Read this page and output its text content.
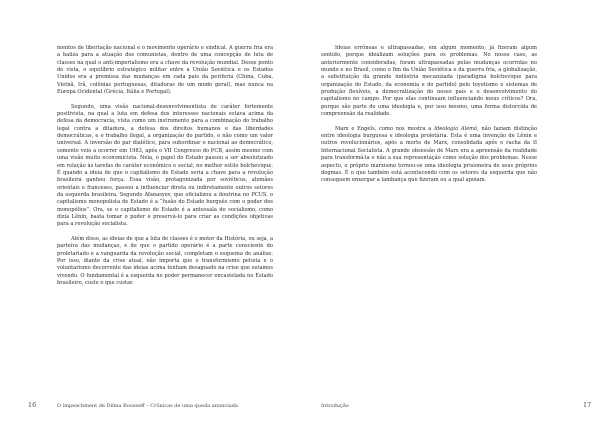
mentos de libertação nacional e o movimento operário e sindical. A guerra fria era a baliza para a atuação dos comunistas, dentro de uma concepção de luta de classes na qual o anti-imperialismo era a chave da revolução mundial. Desse ponto de vista, o equilíbrio estratégico militar entre a União Soviética e os Estados Unidos era a premissa das mudanças em cada país da periferia (China, Cuba, Vietnã, Irã, colônias portuguesas, ditaduras de um modo geral), mas nunca na Europa Ocidental (Grécia, Itália e Portugal).

Segundo, uma visão nacional-desenvolvimentista de caráter fortemente positivista, na qual a luta em defesa dos interesses nacionais estava acima da defesa da democracia, vista como um instrumento para a combinação do trabalho legal contra a ditadura, a defesa dos direitos humanos e das liberdades democráticas, e o trabalho ilegal, a organização do partido, e não como um valor universal. A inversão do par dialético, para subordinar o nacional ao democrático, somente veio a ocorrer em 1983, após o VII Congresso do PCB, assim mesmo com uma visão muito economicista. Nela, o papel do Estado passou a ser absolutizado em relação às tarefas de caráter econômico e social, no melhor estilo bolchevique. É quando a ideia de que o capitalismo de Estado seria a chave para a revolução brasileira ganhou força. Essa visão, protagonizada por soviéticos, alemães orientais e franceses, passou a influenciar direta ou indiretamente outros setores da esquerda brasileira. Segundo Afanasyev, que oficializou a doutrina no PCUS, o capitalismo monopolista de Estado é a “fusão do Estado burguês com o poder dos monopólios”. Ora, se o capitalismo de Estado é a antessala do socialismo, como dizia Lênin, basta tomar o poder e preservá-lo para criar as condições objetivas para a revolução socialista.

Além disso, as ideias de que a luta de classes é o motor da História, ou seja, a parteira das mudanças, e de que o partido operário é a parte consciente do proletariado e a vanguarda da revolução social, completam o esquema de análise. Por isso, diante da crise atual, não importa que o transformismo petista e o voluntarismo decorrente das ideias acima tenham desaguado na crise que estamos vivendo. O fundamental é a esquerda no poder permanecer encastelada no Estado brasileiro, custe o que custar.

16	O impeachment de Dilma Rousseff – Crônicas de uma queda anunciada

Ideias errôneas e ultrapassadas, em algum momento, já fizeram algum sentido, porque idealizam soluções para os problemas. No nosso caso, as anteriormente consideradas, foram ultrapassadas pelas mudanças ocorridas no mundo e no Brasil, como o fim da União Soviética e da guerra fria, a globalização, a substituição da grande indústria mecanizada (paradigma bolchevique para organização do Estado, da economia e do partido) pelo toyotismo e sistemas de produção flexíveis, a democratização do nosso país e o desenvolvimento do capitalismo no campo. Por que elas continuam influenciando meus críticos? Ora, porque são parte de uma ideologia e, por isso mesmo, uma forma distorcida de compreensão da realidade.

Marx e Engels, como nos mostra a Ideologia Alemã, não faziam distinção entre ideologia burguesa e ideologia proletária. Esta é uma invenção de Lênin e outros revolucionários, após a morte de Marx, consolidada após o racha da II Internacional Socialista. A grande obsessão de Marx era a apreensão da realidade para transformá-la e não a sua representação como solução dos problemas. Nesse aspecto, o próprio marxismo tornou-se uma ideologia prisioneira de seus próprios dogmas. É o que também está acontecendo com os setores da esquerda que não conseguem enxergar a lambança que fizeram ou a qual apoiam.

Introdução	17
